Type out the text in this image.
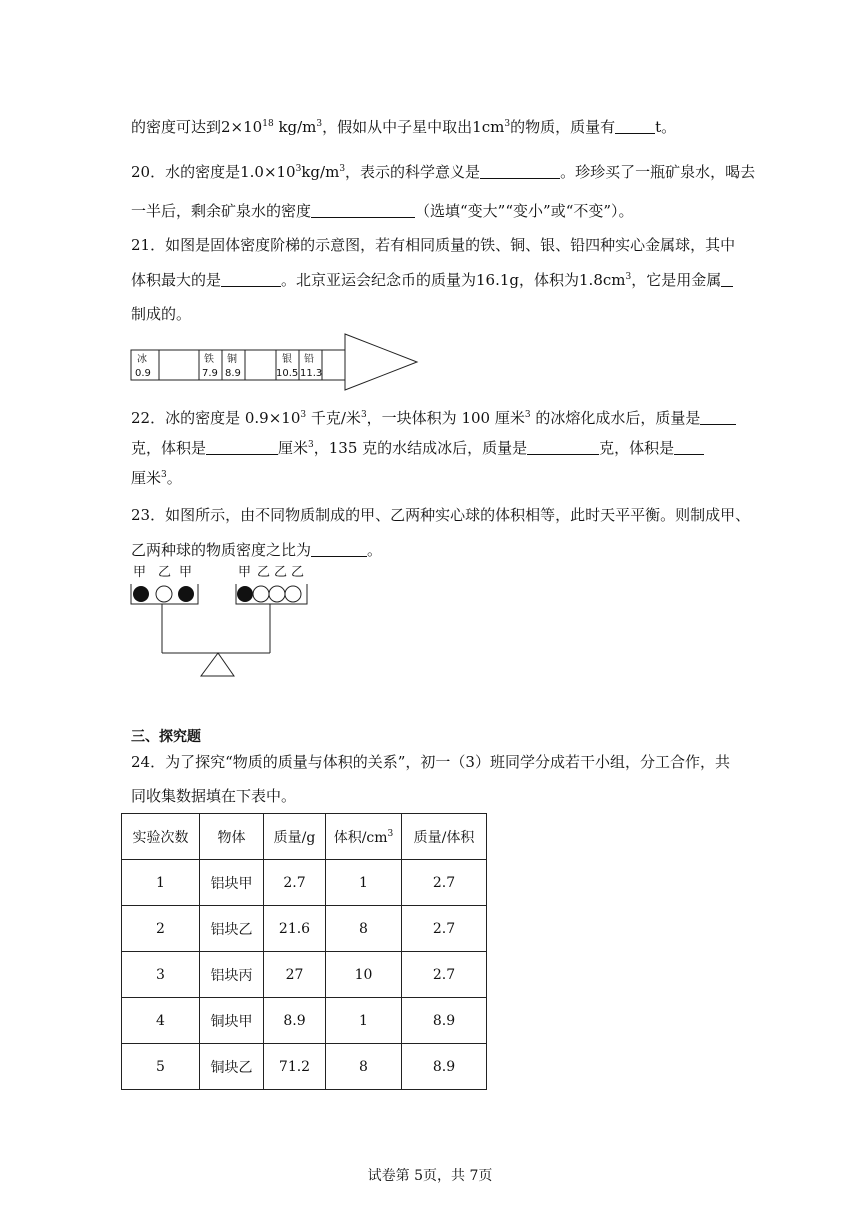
的密度可达到$2\times 10^{18}$ $kg/m^3$，假如从中子星中取出$1cm^3$的物质，质量有	t。
20．水的密度是$1.0\times 10^3kg/m^3$，表示的科学意义是	。珍珍买了一瓶矿泉水，喝去
一半后，剩余矿泉水的密度	（选填“变大”“变小”或“不变”）。
21．如图是固体密度阶梯的示意图，若有相同质量的铁、铜、银、铅四种实心金属球，其中
体积最大的是	。北京亚运会纪念币的质量为16.1g，体积为$1.8cm^3$，它是用金属
制成的。
冰
0.9
铁
7.9
铜
8.9
银
10.5
铅
11.3
22．冰的密度是 $0.9\times 10^3$ 千克/米$^3$，一块体积为 100 厘米$^3$ 的冰熔化成水后，质量是
克，体积是	厘米$^3$，135 克的水结成冰后，质量是	克，体积是
厘米$^3$。
23．如图所示，由不同物质制成的甲、乙两种实心球的体积相等，此时天平平衡。则制成甲、
乙两种球的物质密度之比为	。
甲 乙 甲	甲 乙 乙 乙
三、探究题
24．为了探究“物质的质量与体积的关系”，初一（3）班同学分成若干小组，分工合作，共
同收集数据填在下表中。
实验次数	物体	质量/g	体积$/cm^3$	质量/体积
1	铝块甲	2.7	1	2.7
2	铝块乙	21.6	8	2.7
3	铝块丙	27	10	2.7
4	铜块甲	8.9	1	8.9
5	铜块乙	71.2	8	8.9
试卷第 5页，共 7页
